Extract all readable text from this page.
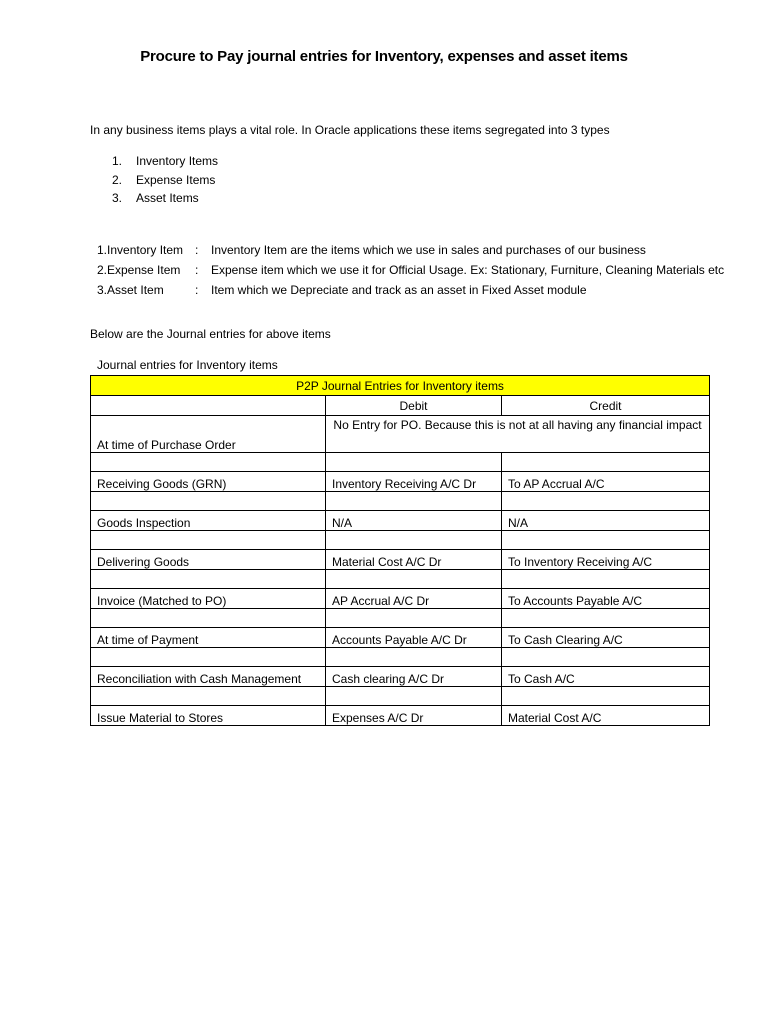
Procure to Pay journal entries for Inventory, expenses and asset items
In any business items plays a vital role. In Oracle applications these items segregated into 3 types
1. Inventory Items
2. Expense Items
3. Asset Items
1.Inventory Item : Inventory Item are the items which we use in sales and purchases of our business
2.Expense Item : Expense item which we use it for Official Usage. Ex: Stationary, Furniture, Cleaning Materials etc
3.Asset Item	: Item which we Depreciate and track as an asset in Fixed Asset module
Below are the Journal entries for above items
Journal entries for Inventory items
P2P Journal Entries for Inventory items		
	Debit	Credit
At time of Purchase Order	No Entry for PO. Because this is not at all having any financial impact	

Receiving Goods (GRN)	Inventory Receiving A/C Dr	To AP Accrual A/C

Goods Inspection	N/A	N/A

Delivering Goods	Material Cost A/C Dr	To Inventory Receiving A/C

Invoice (Matched to PO)	AP Accrual A/C Dr	To Accounts Payable A/C

At time of Payment	Accounts Payable A/C Dr	To Cash Clearing A/C

Reconciliation with Cash Management	Cash clearing A/C Dr	To Cash A/C

Issue Material to Stores	Expenses A/C Dr	Material Cost A/C
